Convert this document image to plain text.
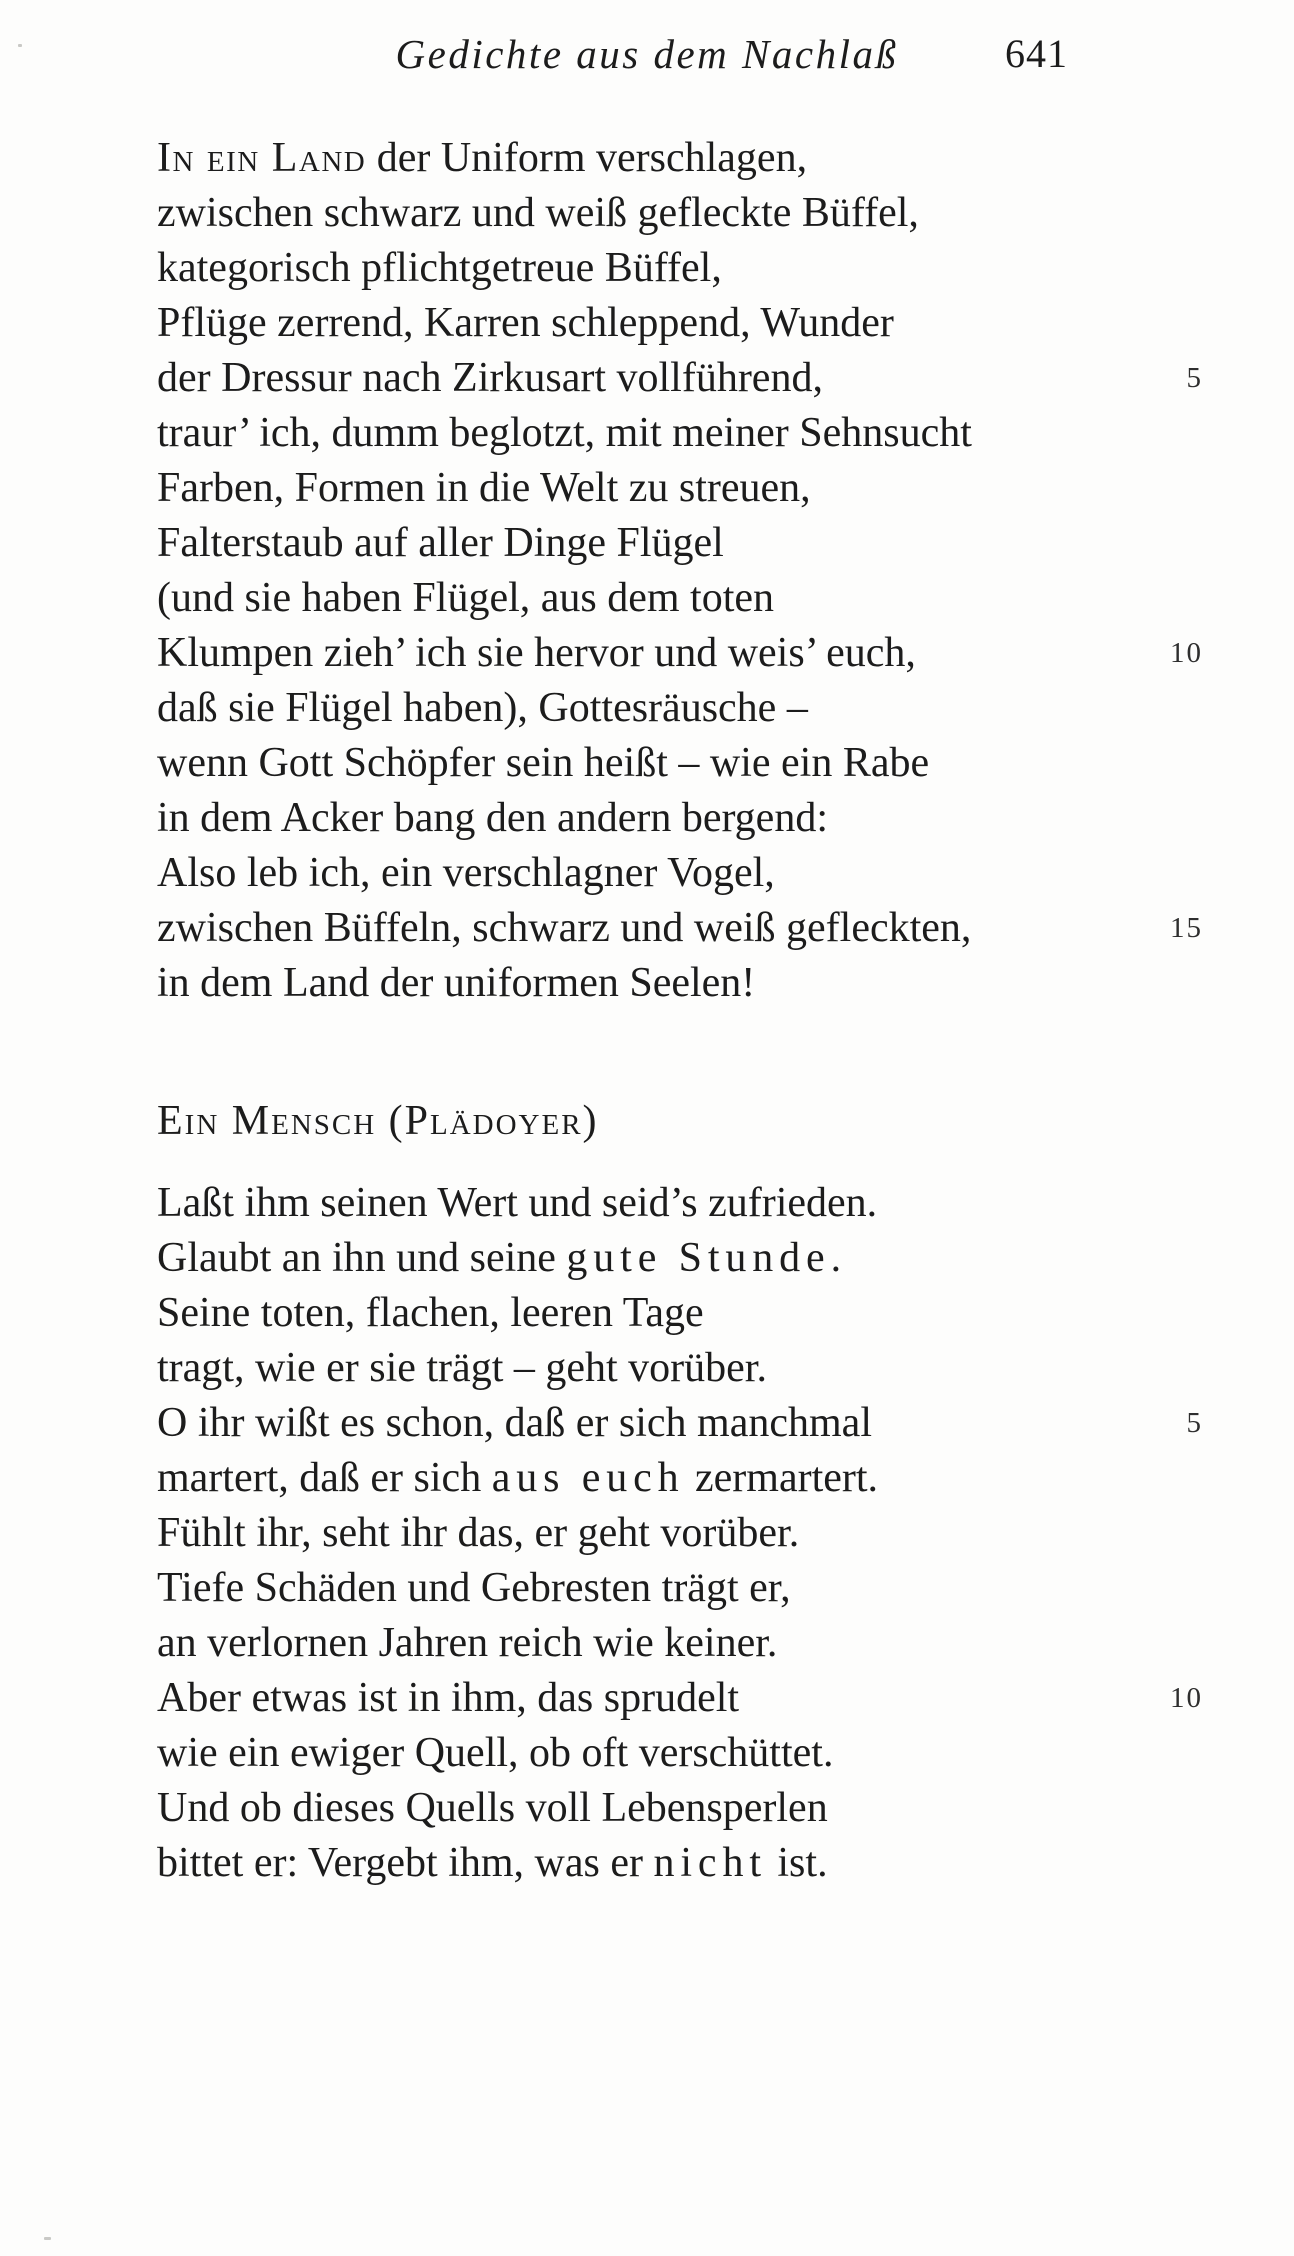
Gedichte aus dem Nachlaß	641
In ein Land der Uniform verschlagen,
zwischen schwarz und weiß gefleckte Büffel,
kategorisch pflichtgetreue Büffel,
Pflüge zerrend, Karren schleppend, Wunder
der Dressur nach Zirkusart vollführend,	5
traur’ ich, dumm beglotzt, mit meiner Sehnsucht
Farben, Formen in die Welt zu streuen,
Falterstaub auf aller Dinge Flügel
(und sie haben Flügel, aus dem toten
Klumpen zieh’ ich sie hervor und weis’ euch,	10
daß sie Flügel haben), Gottesräusche –
wenn Gott Schöpfer sein heißt – wie ein Rabe
in dem Acker bang den andern bergend:
Also leb ich, ein verschlagner Vogel,
zwischen Büffeln, schwarz und weiß gefleckten,	15
in dem Land der uniformen Seelen!
Ein Mensch (Plädoyer)
Laßt ihm seinen Wert und seid’s zufrieden.
Glaubt an ihn und seine gute Stunde.
Seine toten, flachen, leeren Tage
tragt, wie er sie trägt – geht vorüber.
O ihr wißt es schon, daß er sich manchmal	5
martert, daß er sich aus euch zermartert.
Fühlt ihr, seht ihr das, er geht vorüber.
Tiefe Schäden und Gebresten trägt er,
an verlornen Jahren reich wie keiner.
Aber etwas ist in ihm, das sprudelt	10
wie ein ewiger Quell, ob oft verschüttet.
Und ob dieses Quells voll Lebensperlen
bittet er: Vergebt ihm, was er nicht ist.
